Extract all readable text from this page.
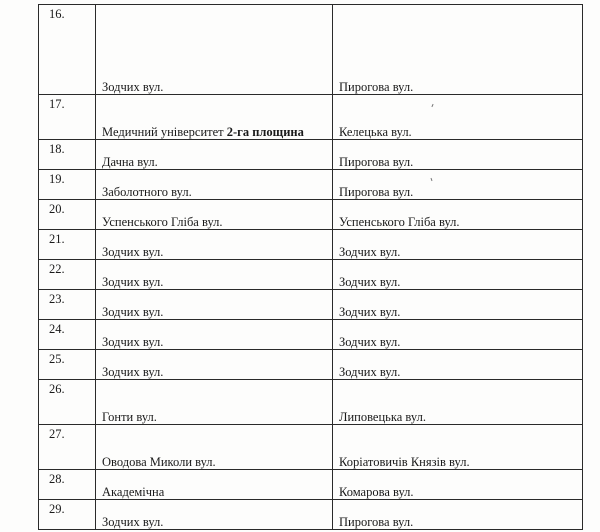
16.	Зодчих вул.	Пирогова вул.

17.	Медичний університет 2-га площина	Келецька вул.

18.	Дачна вул.	Пирогова вул.

19.	Заболотного вул.	Пирогова вул.

20.	Успенського Гліба вул.	Успенського Гліба вул.

21.	Зодчих вул.	Зодчих вул.

22.	Зодчих вул.	Зодчих вул.

23.	Зодчих вул.	Зодчих вул.

24.	Зодчих вул.	Зодчих вул.

25.	Зодчих вул.	Зодчих вул.

26.	Гонти вул.	Липовецька вул.

27.	Оводова Миколи вул.	Коріатовичів Князів вул.

28.	Академічна	Комарова вул.

29.	Зодчих вул.	Пирогова вул.
